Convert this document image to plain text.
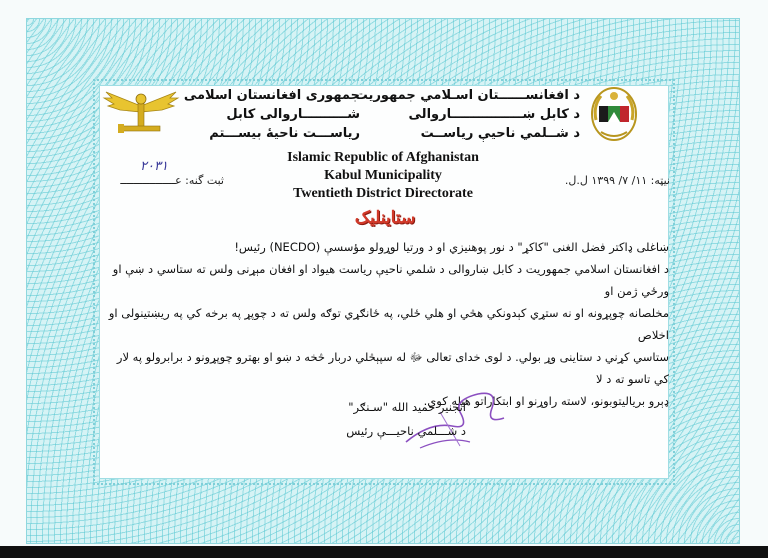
جمهوری افغانستان اسلامی
شــــــــــاروالی کابل
ریاســـت ناحیهٔ بیســـتم
د افغانســــــتان اسـلامي جمهوريت
د کابل ښــــــــــــــــاروالی
د شــلمي ناحيې رياســت
Islamic Republic of Afghanistan
Kabul Municipality
Twentieth District Directorate
ثبت گنه: عـــــــــــــــــ
۲۰۳۱
نیټه: ۱۱/ ۷/ ۱۳۹۹ ل.ل.
ستاینلیک

ښاغلی ډاکتر فضل الغنی "کاکړ" د نور پوهنیزي او د ورتیا لوړولو مؤسسې (NECDO) رئیس!

د افغانستان اسلامي جمهوریت د کابل ښاروالی د شلمي ناحیې ریاست هیواد او افغان مېړنی ولس ته ستاسي د ښې او ورځي ژمن او

مخلصانه چوپړونه او نه ستړي کېدونکي هڅي او هلي ځلي، په ځانګړي توګه ولس ته د چوپړ په برخه کي په ریښتینولی او اخلاص

ستاسي کړني د ستاینی وړ بولي. د لوی خدای تعالی ﷻ له سپېڅلي دربار څخه د ښو او بهترو چوپړونو د برابرولو په لار کي تاسو ته د لا

ډېرو بریالیتوبونو، لاسته راوړنو او ابتکاراتو هیله کوي.

انجنیر حمید الله "سـنګر"
د شـــلمي ناحیـــې رئیس
